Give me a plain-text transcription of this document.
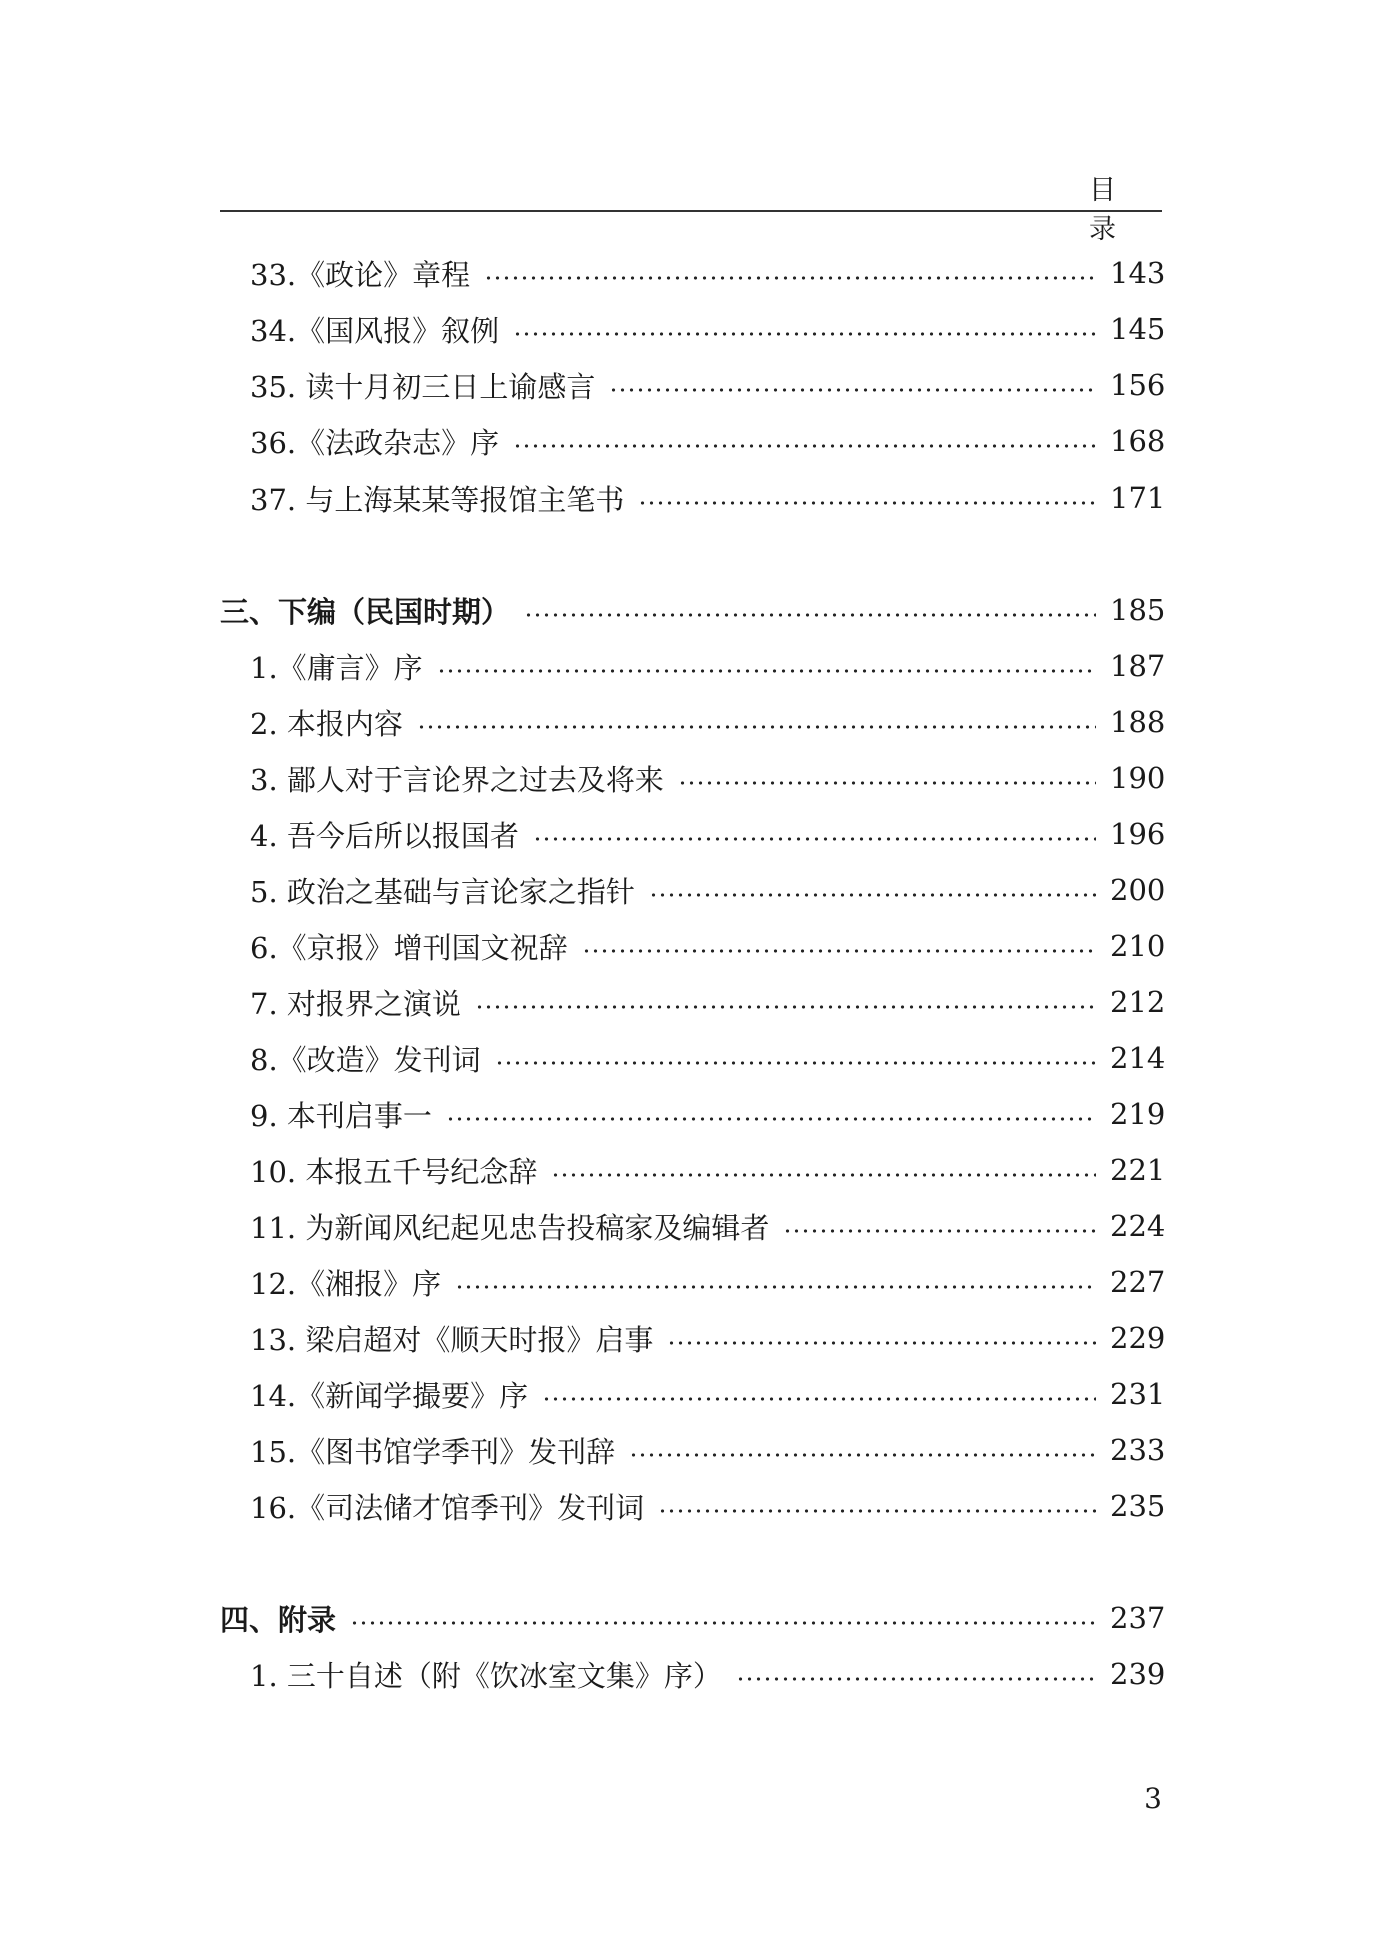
目 录
33.《政论》章程	143
34.《国风报》叙例	145
35. 读十月初三日上谕感言	156
36.《法政杂志》序	168
37. 与上海某某等报馆主笔书	171
三、下编（民国时期）	185
1.《庸言》序	187
2. 本报内容	188
3. 鄙人对于言论界之过去及将来	190
4. 吾今后所以报国者	196
5. 政治之基础与言论家之指针	200
6.《京报》增刊国文祝辞	210
7. 对报界之演说	212
8.《改造》发刊词	214
9. 本刊启事一	219
10. 本报五千号纪念辞	221
11. 为新闻风纪起见忠告投稿家及编辑者	224
12.《湘报》序	227
13. 梁启超对《顺天时报》启事	229
14.《新闻学撮要》序	231
15.《图书馆学季刊》发刊辞	233
16.《司法储才馆季刊》发刊词	235
四、附录	237
1. 三十自述（附《饮冰室文集》序）	239
3
